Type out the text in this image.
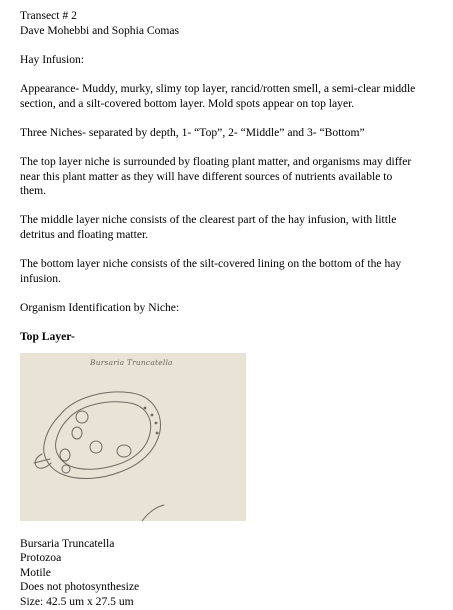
Transect # 2
Dave Mohebbi and Sophia Comas

Hay Infusion:

Appearance- Muddy, murky, slimy top layer, rancid/rotten smell, a semi-clear middle
section, and a silt-covered bottom layer. Mold spots appear on top layer.

Three Niches- separated by depth, 1- “Top”, 2- “Middle” and 3- “Bottom”

The top layer niche is surrounded by floating plant matter, and organisms may differ
near this plant matter as they will have different sources of nutrients available to
them.

The middle layer niche consists of the clearest part of the hay infusion, with little
detritus and floating matter.

The bottom layer niche consists of the silt-covered lining on the bottom of the hay
infusion.

Organism Identification by Niche:

Top Layer-

Bursaria Truncatella

Bursaria Truncatella
Protozoa
Motile
Does not photosynthesize
Size: 42.5 um x 27.5 um
